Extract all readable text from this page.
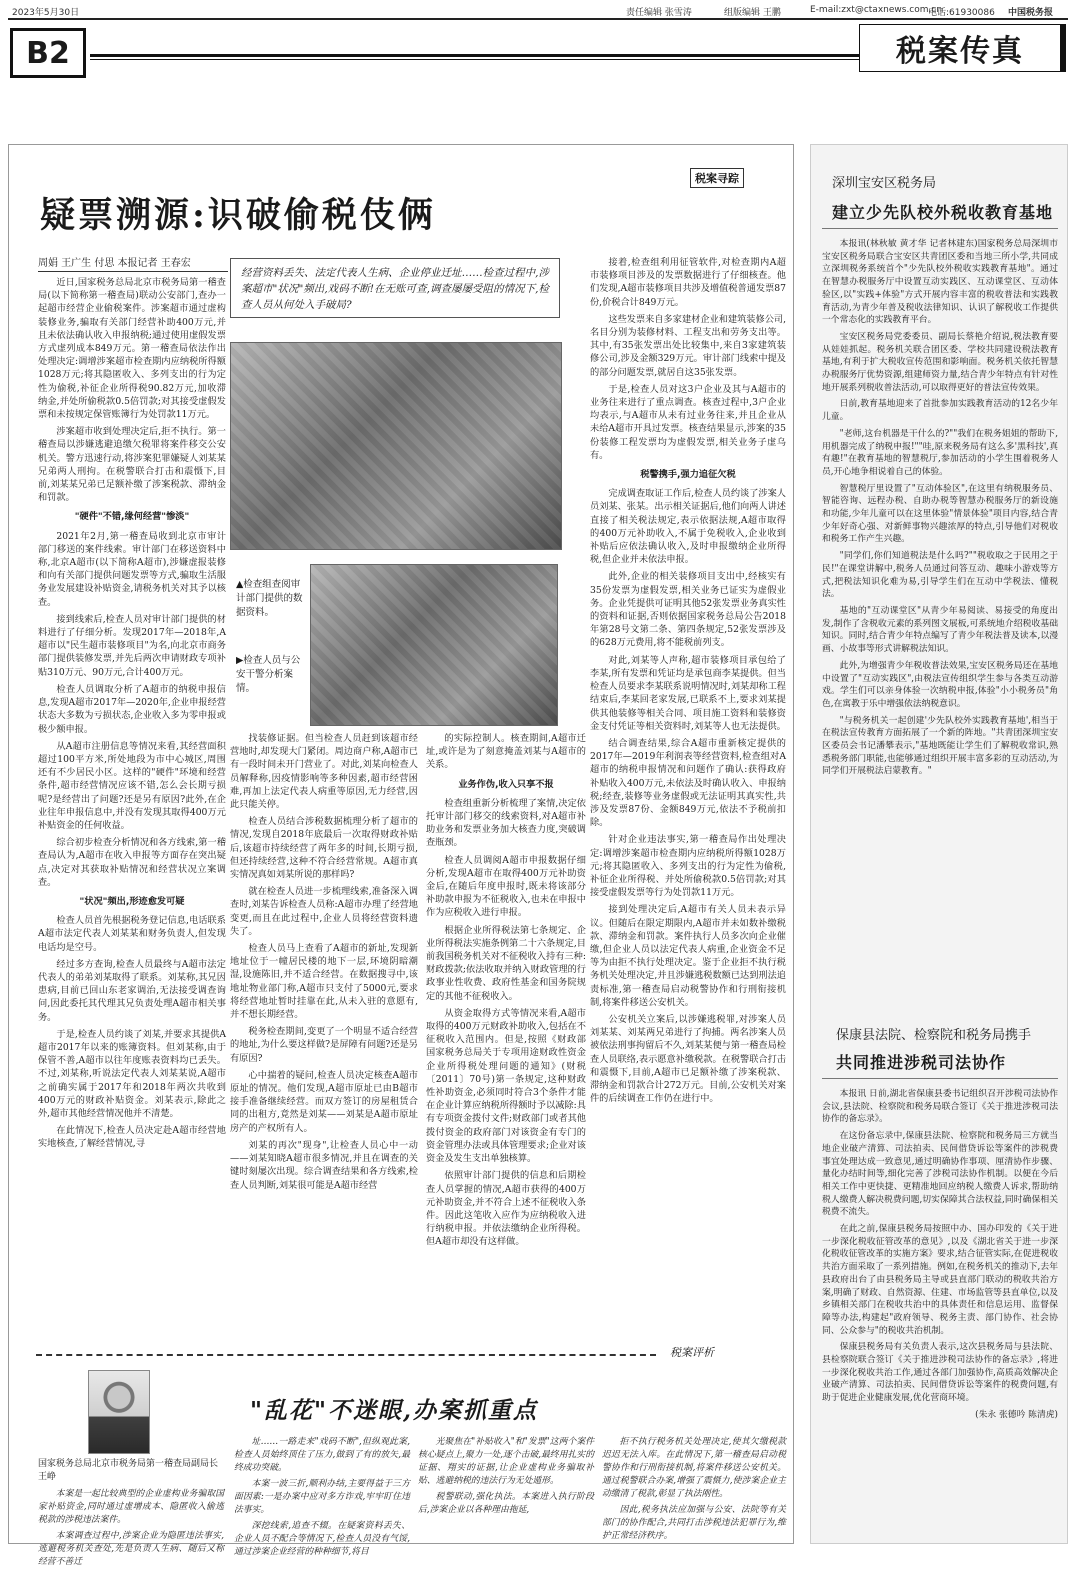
2023年5月30日	责任编辑 张雪涛	组版编辑 王鹏	E-mail:zxt@ctaxnews.com.cn
电话:61930086 中国税务报
B2	税案传真
税案寻踪
疑票溯源:识破偷税伎俩
周娟 王广生 付思 本报记者 王春宏
经营资料丢失、法定代表人生病、企业停业迁址……检查过程中,涉案超市"状况"频出,戏码不断!在无账可查,调查屡屡受阻的情况下,检查人员从何处入手破局?

近日,国家税务总局北京市税务局第一稽查局(以下简称第一稽查局)联动公安部门,查办一起超市经营企业偷税案件。涉案超市通过虚构装修业务,骗取有关部门经营补助400万元,并且未依法确认收入申报纳税;通过使用虚假发票方式虚列成本849万元。第一稽查局依法作出处理决定:调增涉案超市检查期内应纳税所得额1028万元;将其隐匿收入、多列支出的行为定性为偷税,补征企业所得税90.82万元,加收滞纳金,并处所偷税款0.5倍罚款;对其接受虚假发票和未按规定保管账簿行为处罚款11万元。

涉案超市收到处理决定后,拒不执行。第一稽查局以涉嫌逃避追缴欠税罪将案件移交公安机关。警方迅速行动,将涉案犯罪嫌疑人刘某某兄弟两人刑拘。在税警联合打击和震慑下,目前,刘某某兄弟已足额补缴了涉案税款、滞纳金和罚款。

"硬件"不错,缘何经营"惨淡"

2021年2月,第一稽查局收到北京市审计部门移送的案件线索。审计部门在移送资料中称,北京A超市(以下简称A超市),涉嫌虚报装修和向有关部门提供问题发票等方式,骗取生活服务业发展建设补贴资金,请税务机关对其予以核查。

接到线索后,检查人员对审计部门提供的材料进行了仔细分析。发现2017年—2018年,A超市以"民生超市装修项目"为名,向北京市商务部门提供装修发票,并先后两次申请财政专项补贴310万元、90万元,合计400万元。

检查人员调取分析了A超市的纳税申报信息,发现A超市2017年—2020年,企业申报经营状态大多数为亏损状态,企业收入多为零申报或极少额申报。

从A超市注册信息等情况来看,其经营面积超过100平方米,所处地段为市中心城区,周围还有不少居民小区。这样的"硬件"环境和经营条件,超市经营情况应该不错,怎么会长期亏损呢?是经营出了问题?还是另有原因?此外,在企业往年申报信息中,并没有发现其取得400万元补贴资金的任何收益。

综合初步检查分析情况和各方线索,第一稽查局认为,A超市在收入申报等方面存在突出疑点,决定对其获取补贴情况和经营状况立案调查。

"状况"频出,形迹愈发可疑

检查人员首先根据税务登记信息,电话联系A超市法定代表人刘某某和财务负责人,但发现电话均是空号。

经过多方查询,检查人员最终与A超市法定代表人的弟弟刘某取得了联系。刘某称,其兄因患病,目前已回山东老家调治,无法接受调查询问,因此委托其代理其兄负责处理A超市相关事务。

于是,检查人员约谈了刘某,并要求其提供A超市2017年以来的账簿资料。但刘某称,由于保管不善,A超市以往年度账表资料均已丢失。不过,刘某称,听说法定代表人刘某某说,A超市之前确实属于2017年和2018年两次共收到400万元的财政补贴资金。刘某表示,除此之外,超市其他经营情况他并不清楚。

在此情况下,检查人员决定赴A超市经营地实地核查,了解经营情况,寻

▲检查组查阅审计部门提供的数据资料。
▶检查人员与公安干警分析案情。

找装修证据。但当检查人员赶到该超市经营地时,却发现大门紧闭。周边商户称,A超市已有一段时间未开门营业了。对此,刘某向检查人员解释称,因疫情影响等多种因素,超市经营困难,再加上法定代表人病重等原因,无力经营,因此只能关停。

检查人员结合涉税数据梳理分析了超市的情况,发现自2018年底最后一次取得财政补贴后,该超市持续经营了两年多的时间,长期亏损,但还持续经营,这种不符合经营常规。A超市真实情况真如刘某所说的那样吗?

就在检查人员进一步梳理线索,准备深入调查时,刘某告诉检查人员称:A超市办理了经营地变更,而且在此过程中,企业人员将经营资料遗失了。

检查人员马上查看了A超市的新址,发现新地址位于一幢居民楼的地下一层,环境阴暗潮湿,设施陈旧,并不适合经营。在数据搜寻中,该地址物业部门称,A超市只支付了5000元,要求将经营地址暂时挂靠在此,从未入驻的意愿有,并不想长期经营。

税务检查期间,变更了一个明显不适合经营的地址,为什么要这样做?是屏障有问题?还是另有原因?

心中揣着的疑问,检查人员决定核查A超市原址的情况。他们发现,A超市原址已由B超市接手准备继续经营。而双方签订的房屋租赁合同的出租方,竟然是刘某——刘某是A超市原址房产的产权所有人。

刘某的再次"现身",让检查人员心中一动——刘某知晓A超市很多情况,并且在调查的关键时刻屡次出现。综合调查结果和各方线索,检查人员判断,刘某很可能是A超市经营

的实际控制人。核查期间,A超市迁址,或许是为了刻意掩盖刘某与A超市的关系。

业务作伪,收入只享不报

检查组重新分析梳理了案情,决定依托审计部门移交的线索资料,对A超市补助业务和发票业务加大核查力度,突破调查瓶颈。

检查人员调阅A超市申报数据仔细分析,发现A超市在取得400万元补助资金后,在随后年度申报时,既未将该部分补助款申报为不征税收入,也未在申报中作为应税收入进行申报。

根据企业所得税法第七条规定、企业所得税法实施条例第二十六条规定,目前我国税务机关对不征税收入持有三种:财政拨款;依法收取并纳入财政管理的行政事业性收费、政府性基金和国务院规定的其他不征税收入。

从资金取得方式等情况来看,A超市取得的400万元财政补助收入,包括在不征税收入范围内。但是,按照《财政部 国家税务总局关于专项用途财政性资金企业所得税处理问题的通知》(财税〔2011〕70号)第一条规定,这种财政性补助资金,必须同时符合3个条件才能在企业计算应纳税所得额时予以减除:具有专项资金拨付文件;财政部门或者其他拨付资金的政府部门对该资金有专门的资金管理办法或具体管理要求;企业对该资金及发生支出单独核算。

依照审计部门提供的信息和后期检查人员掌握的情况,A超市获得的400万元补助资金,并不符合上述不征税收入条件。因此这笔收入应作为应纳税收入进行纳税申报。并依法缴纳企业所得税。但A超市却没有这样做。

接着,检查组利用征管软件,对检查期内A超市装修项目涉及的发票数据进行了仔细核查。他们发现,A超市装修项目共涉及增值税普通发票87份,价税合计849万元。

这些发票来自多家建材企业和建筑装修公司,名目分别为装修材料、工程支出和劳务支出等。其中,有35张发票出处比较集中,来自3家建筑装修公司,涉及金额329万元。审计部门线索中提及的部分问题发票,就居自这35张发票。

于是,检查人员对这3户企业及其与A超市的业务往来进行了重点调查。核查过程中,3户企业均表示,与A超市从未有过业务往来,并且企业从未给A超市开具过发票。核查结果显示,涉案的35份装修工程发票均为虚假发票,相关业务子虚乌有。

税警携手,强力追征欠税

完成调查取证工作后,检查人员约谈了涉案人员刘某、张某。出示相关证据后,他们向两人讲述直接了相关税法规定,表示依据法规,A超市取得的400万元补助收入,不属于免税收入,企业收到补贴后应依法确认收入,及时申报缴纳企业所得税,但企业并未依法申报。

此外,企业的相关装修项目支出中,经核实有35份发票为虚假发票,相关业务已证实为虚假业务。企业凭提供可证明其他52张发票业务真实性的资料和证据,否则依据国家税务总局公告2018年第28号文第二条、第四条规定,52张发票涉及的628万元费用,将不能税前列支。

对此,刘某等人声称,超市装修项目承包给了李某,所有发票和凭证均是承包商李某提供。但当检查人员要求李某联系说明情况时,刘某却称工程结束后,李某回老家发展,已联系不上,要求刘某提供其他装修等相关合同、项目施工资料和装修资金支付凭证等相关资料时,刘某等人也无法提供。

结合调查结果,综合A超市重新核定提供的2017年—2019年利润表等经营资料,检查组对A超市的纳税申报情况和问题作了确认:获得政府补贴收入400万元,未依法及时确认收入、申报纳税;经查,装修等业务虚假或无法证明其真实性,共涉及发票87份、金额849万元,依法不予税前扣除。

针对企业违法事实,第一稽查局作出处理决定:调增涉案超市检查期内应纳税所得额1028万元;将其隐匿收入、多列支出的行为定性为偷税,补征企业所得税、并处所偷税款0.5倍罚款;对其接受虚假发票等行为处罚款11万元。

接到处理决定后,A超市有关人员未表示异议。但随后在限定期限内,A超市并未如数补缴税款、滞纳金和罚款。案件执行人员多次向企业催缴,但企业人员以法定代表人病重,企业资金不足等为由拒不执行处理决定。鉴于企业拒不执行税务机关处理决定,并且涉嫌逃税数额已达到刑法追责标准,第一稽查局启动税警协作和行刑衔接机制,将案件移送公安机关。

公安机关立案后,以涉嫌逃税罪,对涉案人员刘某某、刘某两兄弟进行了拘捕。两名涉案人员被依法刑事拘留后不久,刘某某便与第一稽查局检查人员联络,表示愿意补缴税款。在税警联合打击和震慑下,目前,A超市已足额补缴了涉案税款、滞纳金和罚款合计272万元。目前,公安机关对案件的后续调查工作仍在进行中。

税案评析
"乱花"不迷眼,办案抓重点
国家税务总局北京市税务局第一稽查局副局长 王峥

本案是一起比较典型的企业虚构业务骗取国家补贴资金,同时通过虚增成本、隐匿收入偷逃税款的涉税违法案件。

本案调查过程中,涉案企业为隐匿违法事实,逃避税务机关查处,先是负责人生病、随后又称经营不善迁

址……一路走来"戏码不断",但纵观此案,检查人员始终顶住了压力,做到了有的放矢,最终成功突破。

本案一波三折,顺利办结,主要得益于三方面因素:一是办案中应对多方诈戏,牢牢盯住违法事实。

深挖线索,追查不辍。在疑案资料丢失、企业人员不配合等情况下,检查人员没有气馁,通过涉案企业经营的种种细节,将目

光聚焦在"补贴收入"和"发票"这两个案件核心疑点上,聚力一处,逐个击破,最终用扎实的证据、翔实的证据,让企业虚构业务骗取补贴、逃避纳税的违法行为无处遁形。

税警联动,强化执法。本案进入执行阶段后,涉案企业以各种理由拖延,

拒不执行税务机关处理决定,使其欠缴税款迟迟无法入库。在此情况下,第一稽查局启动税警协作和行刑衔接机制,将案件移送公安机关。通过税警联合办案,增强了震慑力,使涉案企业主动缴清了税款,彰显了执法刚性。

因此,税务执法应加强与公安、法院等有关部门的协作配合,共同打击涉税违法犯罪行为,维护正常经济秩序。

深圳宝安区税务局
建立少先队校外税收教育基地

本报讯(林秋敏 黄才华 记者林建东)国家税务总局深圳市宝安区税务局联合宝安区共青团区委和当地三所小学,共同成立深圳税务系统首个"少先队校外税收实践教育基地"。通过在智慧办税服务厅中设置互动实践区、互动课堂区、互动体验区,以"实践+体验"方式开展内容丰富的税收普法和实践教育活动,为青少年普及税收法律知识、认识了解税收工作提供一个常态化的实践教育平台。

宝安区税务局党委委员、副局长蔡艳介绍说,税法教育要从娃娃抓起。税务机关联合团区委、学校共同建设税法教育基地,有利于扩大税收宣传范围和影响面。税务机关依托智慧办税服务厅优势资源,组建师资力量,结合青少年特点有针对性地开展系列税收普法活动,可以取得更好的普法宣传效果。

日前,教育基地迎来了首批参加实践教育活动的12名少年儿童。

"老师,这台机器是干什么的?""我们在税务姐姐的帮助下,用机器完成了纳税申报!""哇,原来税务局有这么多'黑科技',真有趣!"在教育基地的智慧税厅,参加活动的小学生围着税务人员,开心地争相说着自己的体验。

智慧税厅里设置了"互动体验区",在这里有纳税服务员、智能咨询、远程办税、自助办税等智慧办税服务厅的新设施和功能,少年儿童可以在这里体验"情景体验"项目内容,结合青少年好奇心强、对新鲜事物兴趣浓厚的特点,引导他们对税收和税务工作产生兴趣。

"同学们,你们知道税法是什么吗?""税收取之于民用之于民!"在课堂讲解中,税务人员通过问答互动、趣味小游戏等方式,把税法知识化难为易,引导学生们在互动中学税法、懂税法。

基地的"互动课堂区"从青少年易阅读、易接受的角度出发,制作了含税收元素的系列图文展板,可系统地介绍税收基础知识。同时,结合青少年特点编写了青少年税法普及读本,以漫画、小故事等形式讲解税法知识。

此外,为增强青少年税收普法效果,宝安区税务局还在基地中设置了"互动实践区",由税法宣传组织学生参与各类互动游戏。学生们可以亲身体验一次纳税申报,体验"小小税务员"角色,在寓教于乐中增强依法纳税意识。

"与税务机关一起创建'少先队校外实践教育基地',相当于在税法宣传教育方面拓展了一个新的阵地。"共青团深圳宝安区委员会书记潘攀表示,"基地既能让学生们了解税收常识,熟悉税务部门职能,也能够通过组织开展丰富多彩的互动活动,为同学们开展税法启蒙教育。"

保康县法院、检察院和税务局携手
共同推进涉税司法协作

本报讯 日前,湖北省保康县委书记组织召开涉税司法协作会议,县法院、检察院和税务局联合签订《关于推进涉税司法协作的备忘录》。

在这份备忘录中,保康县法院、检察院和税务局三方就当地企业破产清算、司法拍卖、民间借贷诉讼等案件的涉税费事宜处理达成一致意见,通过明确协作事项、厘清协作步骤、量化办结时间等,细化完善了涉税司法协作机制。以便在今后相关工作中更快捷、更精准地回应纳税人缴费人诉求,帮助纳税人缴费人解决税费问题,切实保障其合法权益,同时确保相关税费不流失。

在此之前,保康县税务局按照中办、国办印发的《关于进一步深化税收征管改革的意见》,以及《湖北省关于进一步深化税收征管改革的实施方案》要求,结合征管实际,在促进税收共治方面采取了一系列措施。例如,在税务机关的推动下,去年县政府出台了由县税务局主导或县直部门联动的税收共治方案,明确了财政、自然资源、住建、市场监管等县直单位,以及乡镇相关部门在税收共治中的具体责任和信息运用、监督保障等办法,构建起"政府领导、税务主责、部门协作、社会协同、公众参与"的税收共治机制。

保康县税务局有关负责人表示,这次县税务局与县法院、县检察院联合签订《关于推进涉税司法协作的备忘录》,将进一步深化税收共治工作,通过各部门加强协作,高质高效解决企业破产清算、司法拍卖、民间借贷诉讼等案件的税费问题,有助于促进企业健康发展,优化营商环境。

(朱永 张德吟 陈清虎)
